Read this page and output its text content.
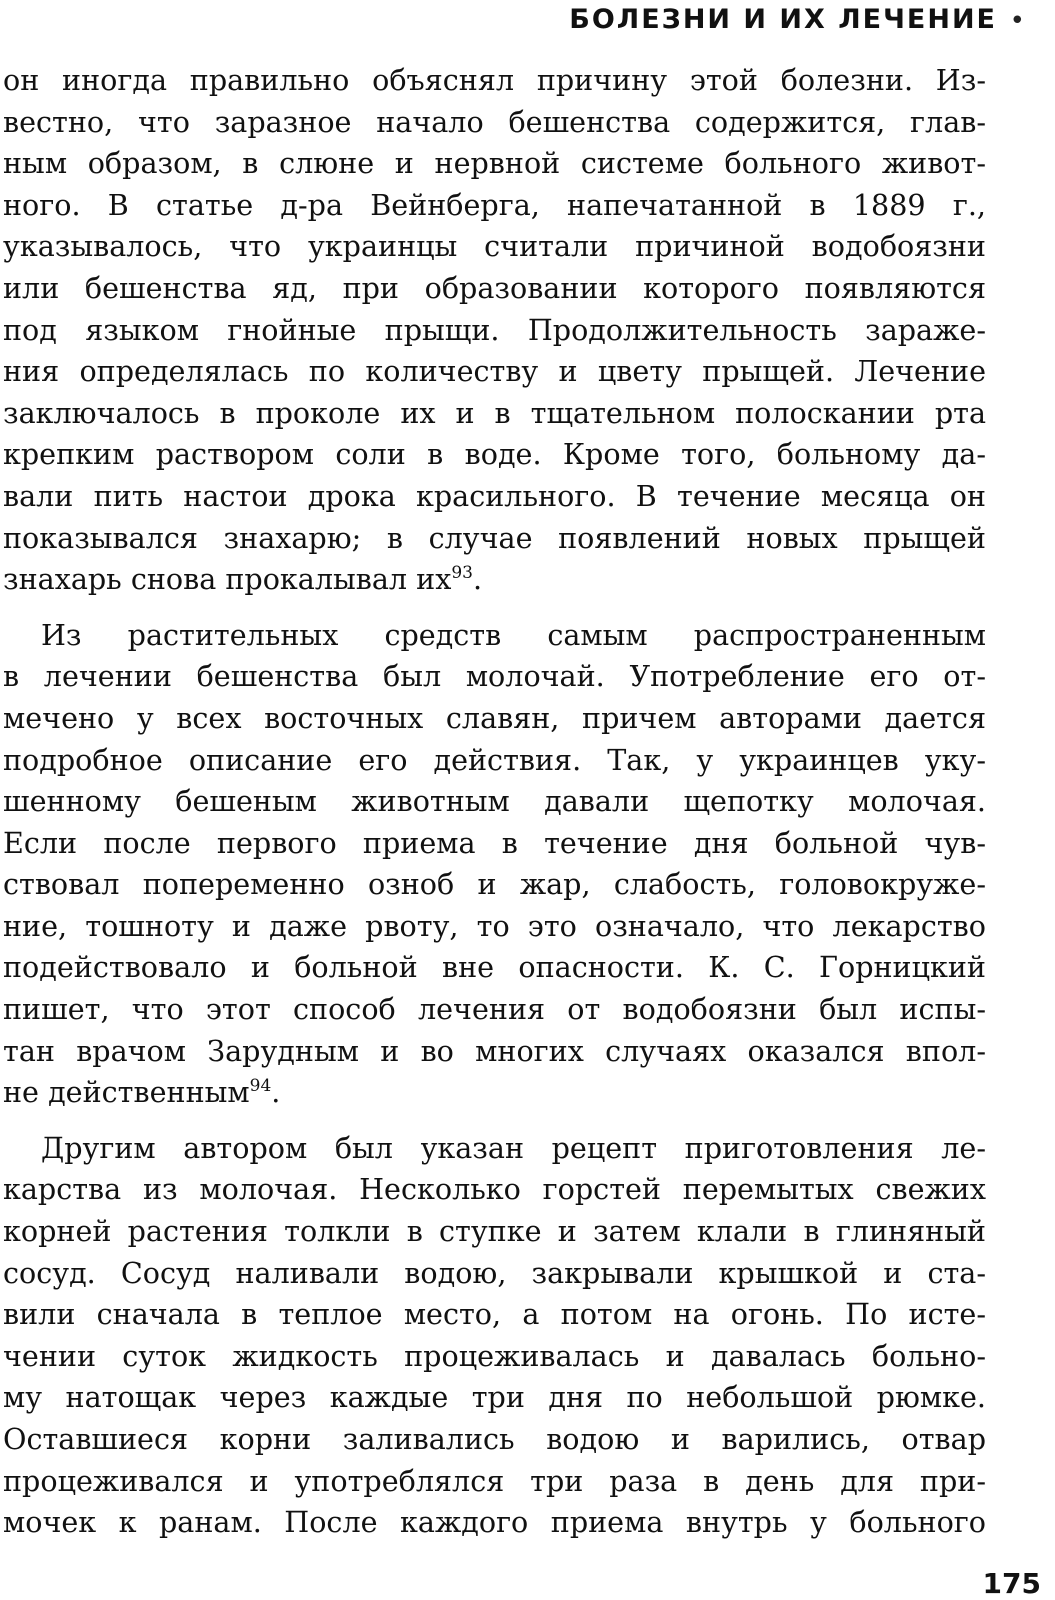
БОЛЕЗНИ И ИХ ЛЕЧЕНИЕ •
он иногда правильно объяснял причину этой болезни. Из-
вестно, что заразное начало бешенства содержится, глав-
ным образом, в слюне и нервной системе больного живот-
ного. В статье д-ра Вейнберга, напечатанной в 1889 г.,
указывалось, что украинцы считали причиной водобоязни
или бешенства яд, при образовании которого появляются
под языком гнойные прыщи. Продолжительность зараже-
ния определялась по количеству и цвету прыщей. Лечение
заключалось в проколе их и в тщательном полоскании рта
крепким раствором соли в воде. Кроме того, больному да-
вали пить настои дрока красильного. В течение месяца он
показывался знахарю; в случае появлений новых прыщей
знахарь снова прокалывал $их^{93}$.
Из растительных средств самым распространенным
в лечении бешенства был молочай. Употребление его от-
мечено у всех восточных славян, причем авторами дается
подробное описание его действия. Так, у украинцев уку-
шенному бешеным животным давали щепотку молочая.
Если после первого приема в течение дня больной чув-
ствовал попеременно озноб и жар, слабость, головокруже-
ние, тошноту и даже рвоту, то это означало, что лекарство
подействовало и больной вне опасности. К. С. Горницкий
пишет, что этот способ лечения от водобоязни был испы-
тан врачом Зарудным и во многих случаях оказался впол-
не действенным$^{94}$.
Другим автором был указан рецепт приготовления ле-
карства из молочая. Несколько горстей перемытых свежих
корней растения толкли в ступке и затем клали в глиняный
сосуд. Сосуд наливали водою, закрывали крышкой и ста-
вили сначала в теплое место, а потом на огонь. По исте-
чении суток жидкость процеживалась и давалась больно-
му натощак через каждые три дня по небольшой рюмке.
Оставшиеся корни заливались водою и варились, отвар
процеживался и употреблялся три раза в день для при-
мочек к ранам. После каждого приема внутрь у больного
175
